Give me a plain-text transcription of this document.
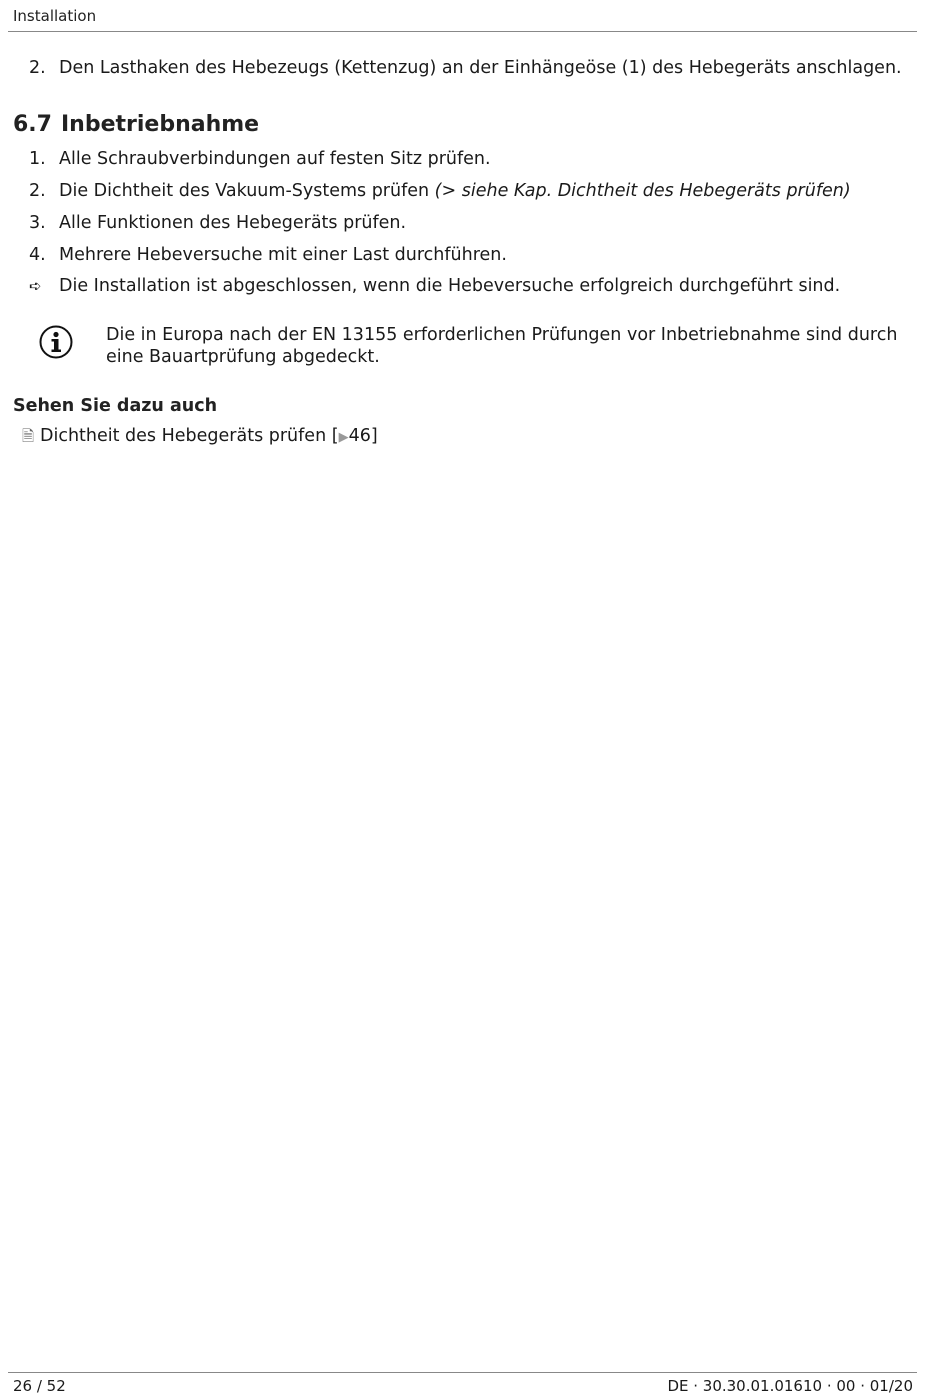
Installation
2. Den Lasthaken des Hebezeugs (Kettenzug) an der Einhängeöse (1) des Hebegeräts anschlagen.
6.7 Inbetriebnahme
1. Alle Schraubverbindungen auf festen Sitz prüfen.
2. Die Dichtheit des Vakuum-Systems prüfen (> siehe Kap. Dichtheit des Hebegeräts prüfen)
3. Alle Funktionen des Hebegeräts prüfen.
4. Mehrere Hebeversuche mit einer Last durchführen.
➪ Die Installation ist abgeschlossen, wenn die Hebeversuche erfolgreich durchgeführt sind.
Die in Europa nach der EN 13155 erforderlichen Prüfungen vor Inbetriebnahme sind durch eine Bauartprüfung abgedeckt.
Sehen Sie dazu auch
🗎 Dichtheit des Hebegeräts prüfen [▶46]
26 / 52	DE · 30.30.01.01610 · 00 · 01/20
